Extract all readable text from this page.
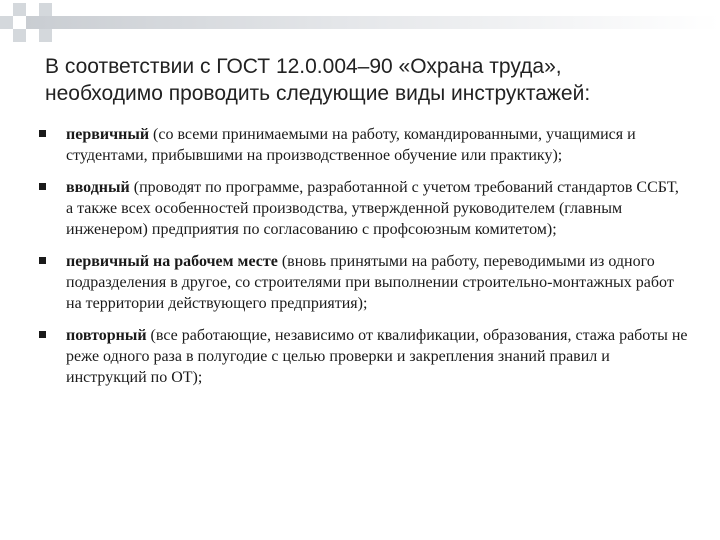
В соответствии с ГОСТ 12.0.004–90 «Охрана труда»,
необходимо проводить следующие виды инструктажей:

первичный (со всеми принимаемыми на работу, командированными, учащимися и студентами, прибывшими на производственное обучение или практику);
вводный (проводят по программе, разработанной с учетом требований стандартов ССБТ, а также всех особенностей производства, утвержденной руководителем (главным инженером) предприятия по согласованию с профсоюзным комитетом);
первичный на рабочем месте (вновь принятыми на работу, переводимыми из одного подразделения в другое, со строителями при выполнении строительно-монтажных работ на территории действующего предприятия);
повторный (все работающие, независимо от квалификации, образования, стажа работы не реже одного раза в полугодие с целью проверки и закрепления знаний правил и инструкций по ОТ);
